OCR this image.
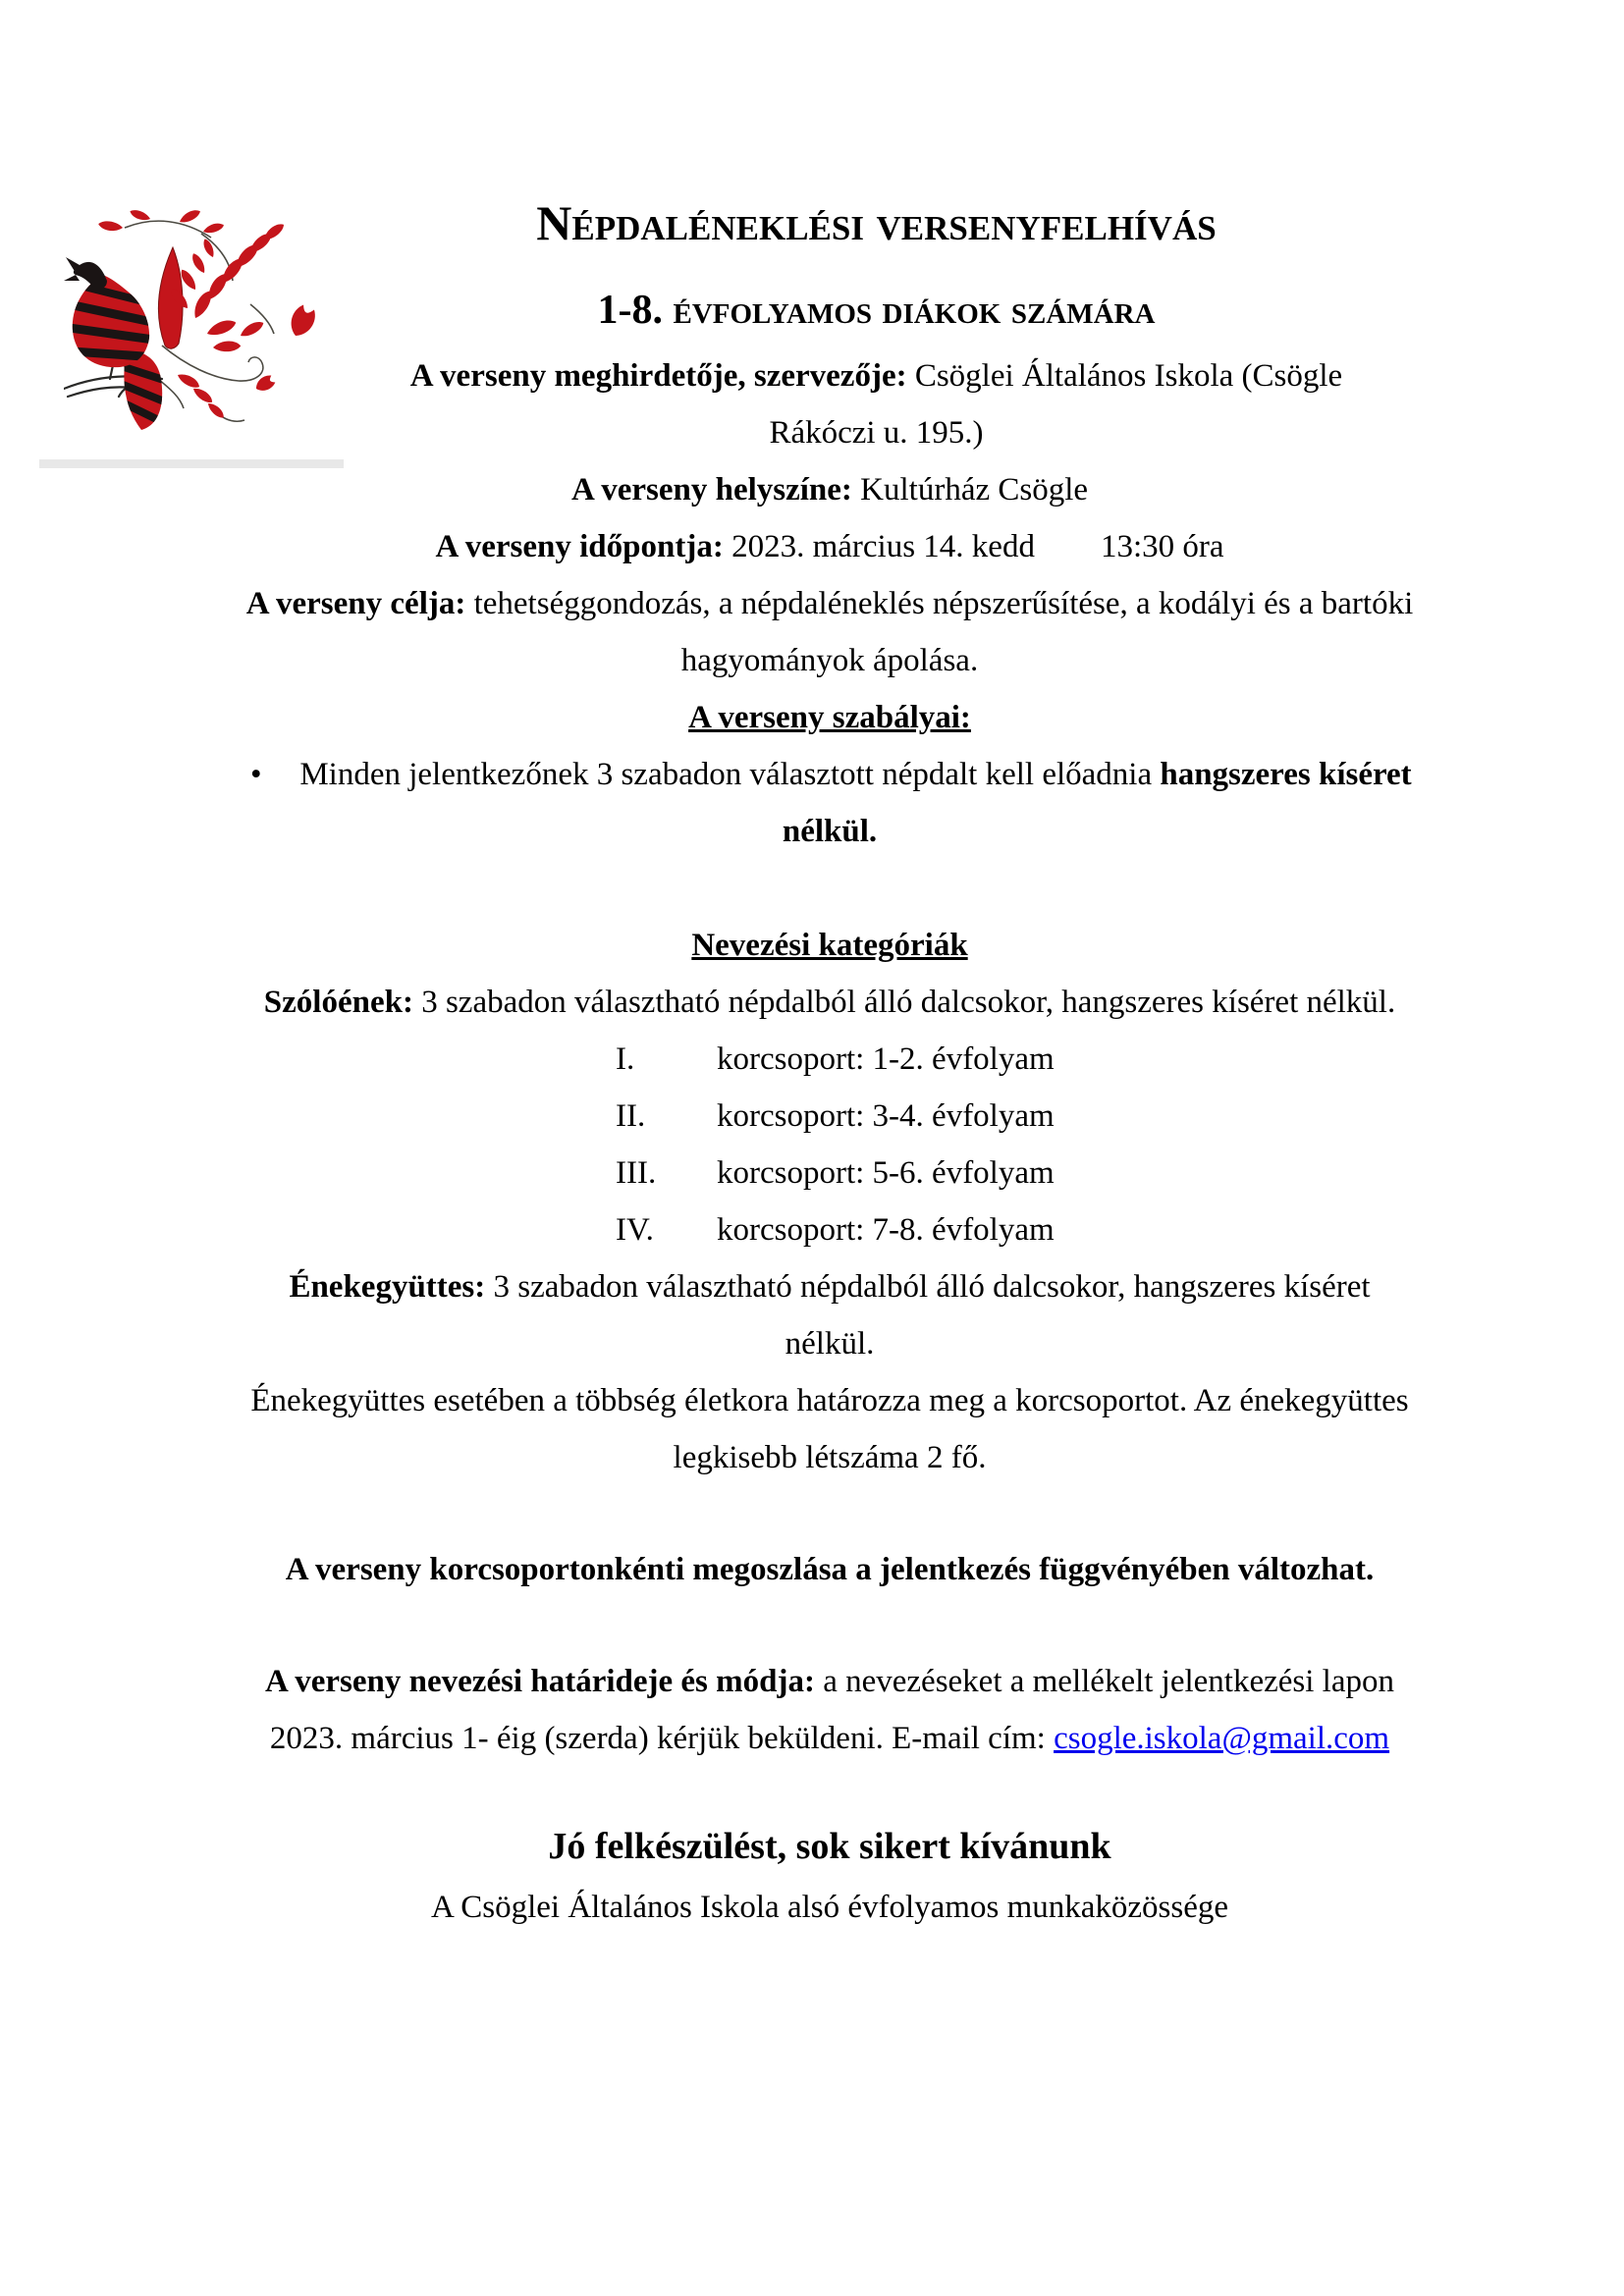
Népdaléneklési versenyfelhívás
1-8. évfolyamos diákok számára
A verseny meghirdetője, szervezője: Csöglei Általános Iskola (Csögle
Rákóczi u. 195.)
A verseny helyszíne: Kultúrház Csögle
A verseny időpontja: 2023. március 14. kedd 13:30 óra
A verseny célja: tehetséggondozás, a népdaléneklés népszerűsítése, a kodályi és a bartóki
hagyományok ápolása.
A verseny szabályai:
• Minden jelentkezőnek 3 szabadon választott népdalt kell előadnia hangszeres kíséret
nélkül.
Nevezési kategóriák
Szólóének: 3 szabadon választható népdalból álló dalcsokor, hangszeres kíséret nélkül.
I.	korcsoport: 1-2. évfolyam
II. korcsoport: 3-4. évfolyam
III. korcsoport: 5-6. évfolyam
IV. korcsoport: 7-8. évfolyam
Énekegyüttes: 3 szabadon választható népdalból álló dalcsokor, hangszeres kíséret
nélkül.
Énekegyüttes esetében a többség életkora határozza meg a korcsoportot. Az énekegyüttes
legkisebb létszáma 2 fő.
A verseny korcsoportonkénti megoszlása a jelentkezés függvényében változhat.
A verseny nevezési határideje és módja: a nevezéseket a mellékelt jelentkezési lapon
2023. március 1- éig (szerda) kérjük beküldeni. E-mail cím: csogle.iskola@gmail.com
Jó felkészülést, sok sikert kívánunk
A Csöglei Általános Iskola alsó évfolyamos munkaközössége
